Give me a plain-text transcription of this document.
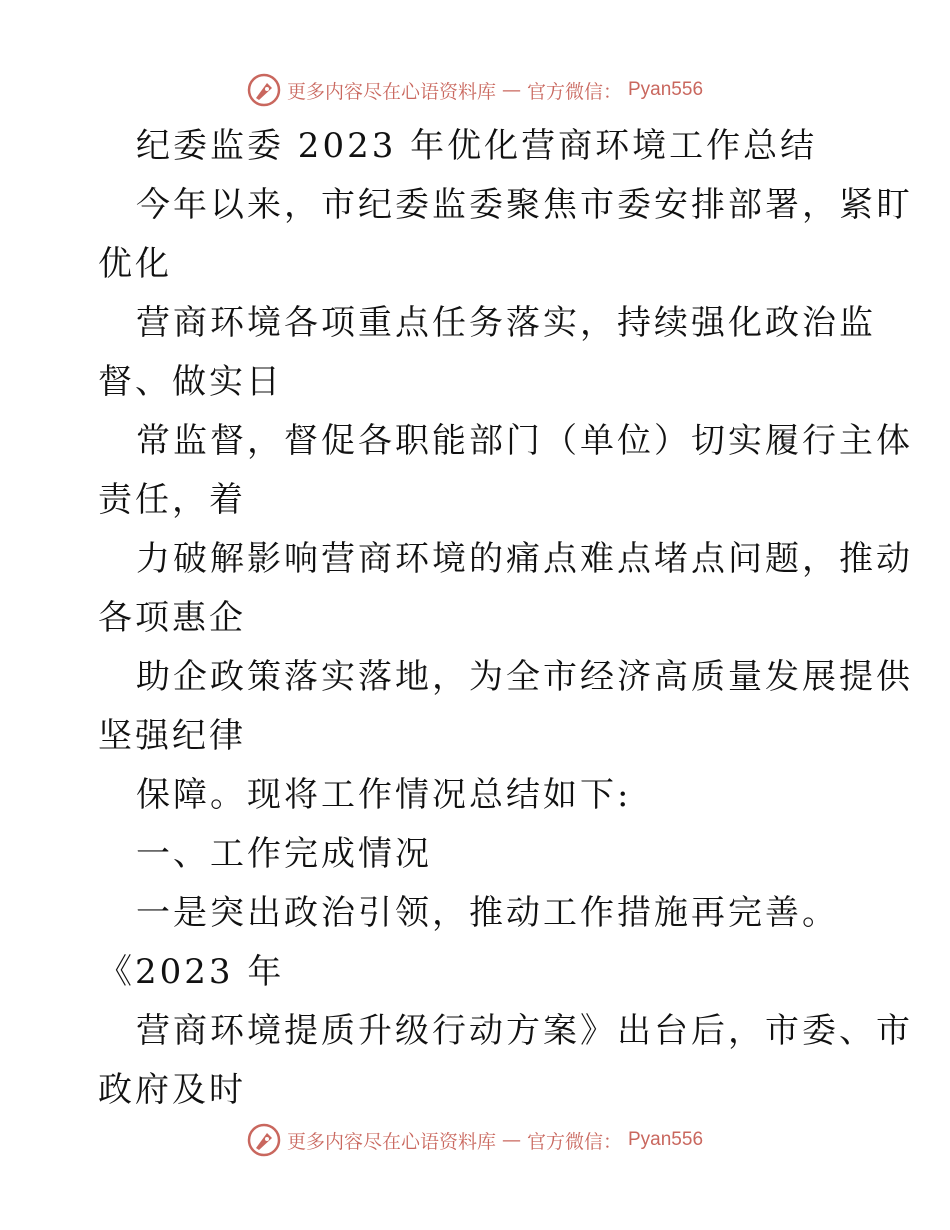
更多内容尽在心语资料库 — 官方微信： Pyan556
纪委监委 2023 年优化营商环境工作总结
今年以来，市纪委监委聚焦市委安排部署，紧盯
优化
营商环境各项重点任务落实，持续强化政治监
督、做实日
常监督，督促各职能部门（单位）切实履行主体
责任，着
力破解影响营商环境的痛点难点堵点问题，推动
各项惠企
助企政策落实落地，为全市经济高质量发展提供
坚强纪律
保障。现将工作情况总结如下:
一、工作完成情况
一是突出政治引领，推动工作措施再完善。
《2023 年
营商环境提质升级行动方案》出台后，市委、市
政府及时
更多内容尽在心语资料库 — 官方微信： Pyan556
